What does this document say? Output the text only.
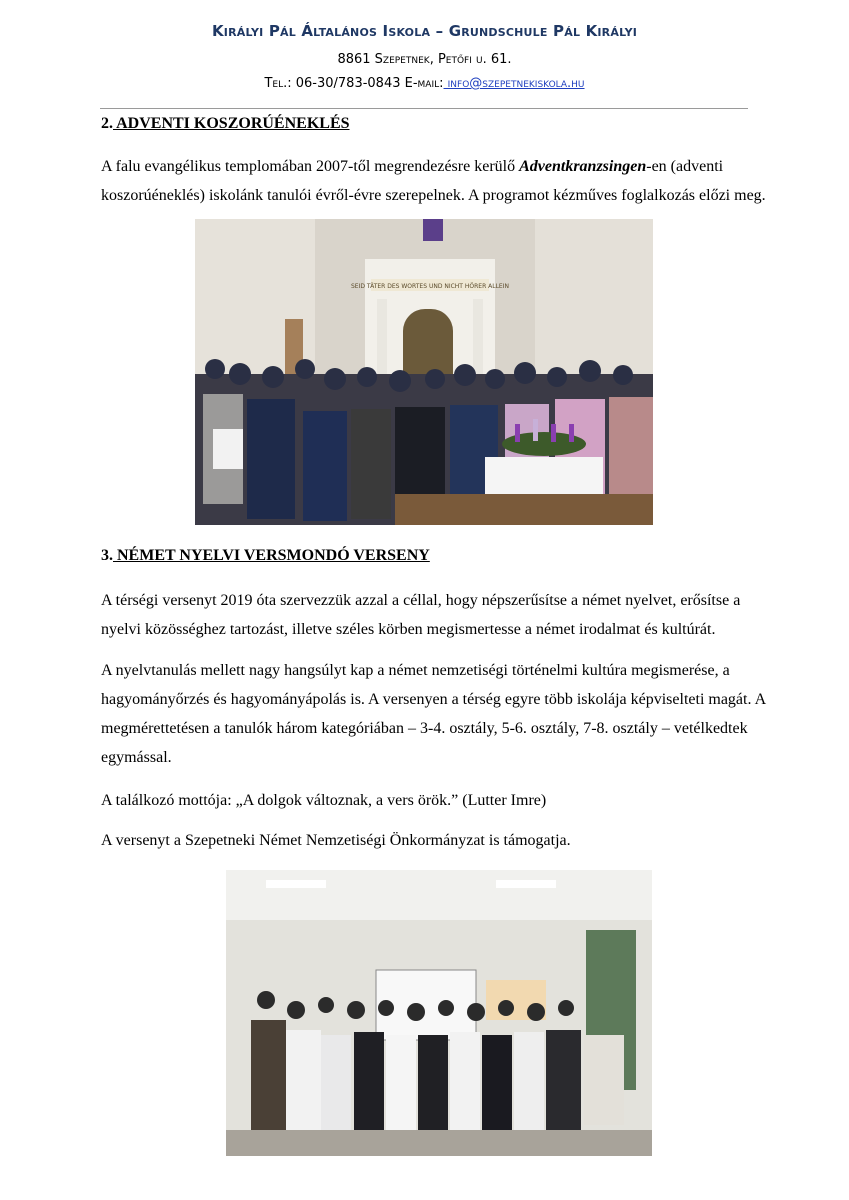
Királyi Pál Általános Iskola – Grundschule Pál Királyi
8861 Szepetnek, Petőfi u. 61.
Tel.: 06-30/783-0843 E-mail: info@szepetnekiskola.hu
2. ADVENTI KOSZORÚÉNEKLÉS
A falu evangélikus templomában 2007-től megrendezésre kerülő Adventkranzsingen-en (adventi koszorúéneklés) iskolánk tanulói évről-évre szerepelnek. A programot kézműves foglalkozás előzi meg.
SEID TÄTER DES WORTES UND NICHT HÖRER ALLEIN
3. NÉMET NYELVI VERSMONDÓ VERSENY
A térségi versenyt 2019 óta szervezzük azzal a céllal, hogy népszerűsítse a német nyelvet, erősítse a nyelvi közösséghez tartozást, illetve széles körben megismertesse a német irodalmat és kultúrát.
A nyelvtanulás mellett nagy hangsúlyt kap a német nemzetiségi történelmi kultúra megismerése, a hagyományőrzés és hagyományápolás is. A versenyen a térség egyre több iskolája képviselteti magát. A megmérettetésen a tanulók három kategóriában – 3-4. osztály, 5-6. osztály, 7-8. osztály – vetélkedtek egymással.
A találkozó mottója: „A dolgok változnak, a vers örök.” (Lutter Imre)
A versenyt a Szepetneki Német Nemzetiségi Önkormányzat is támogatja.
